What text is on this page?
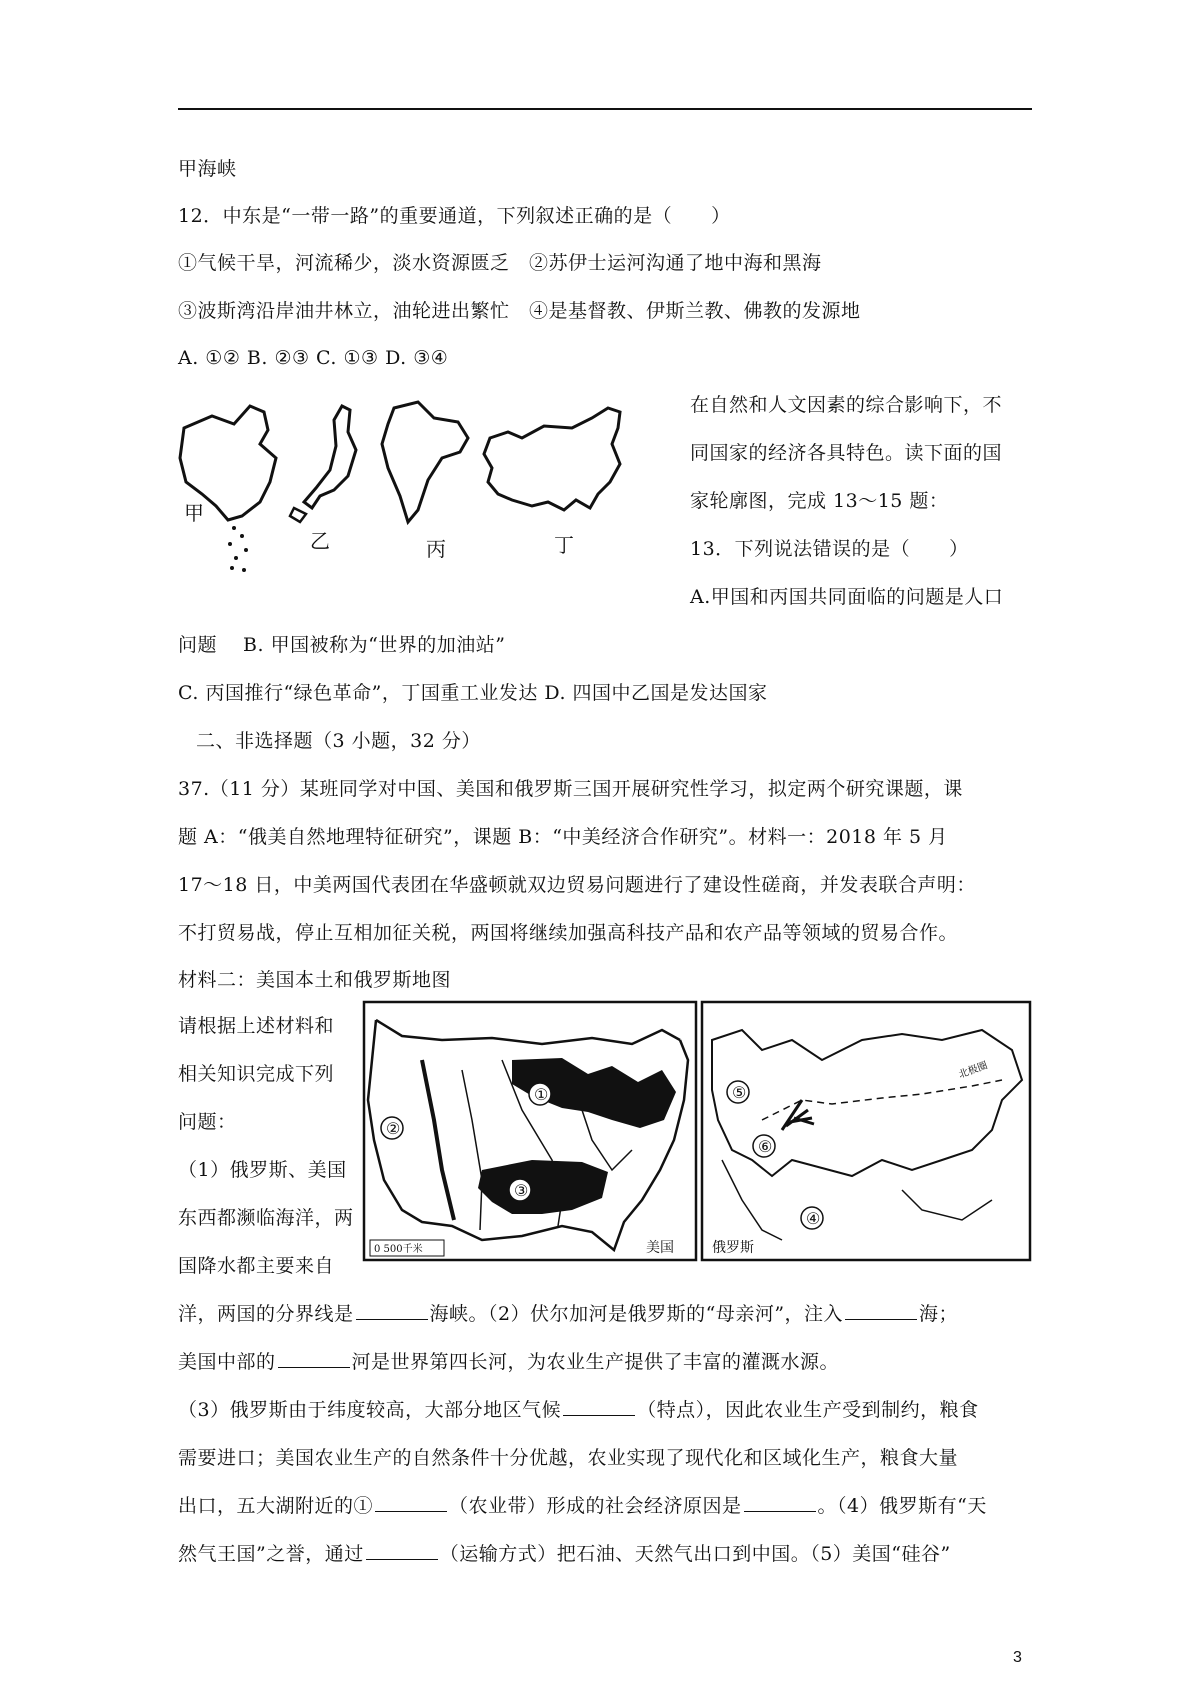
甲海峡
12．中东是“一带一路”的重要通道，下列叙述正确的是（　　）
①气候干旱，河流稀少，淡水资源匮乏　②苏伊士运河沟通了地中海和黑海
③波斯湾沿岸油井林立，油轮进出繁忙　④是基督教、伊斯兰教、佛教的发源地
A. ①② B. ②③ C. ①③ D. ③④
甲
乙	丙	丁
在自然和人文因素的综合影响下，不
同国家的经济各具特色。读下面的国
家轮廓图，完成 13～15 题：
13．下列说法错误的是（　　）
A.甲国和丙国共同面临的问题是人口
问题　 B. 甲国被称为“世界的加油站”
C. 丙国推行“绿色革命”，丁国重工业发达 D. 四国中乙国是发达国家
二、非选择题（3 小题，32 分）
37.（11 分）某班同学对中国、美国和俄罗斯三国开展研究性学习，拟定两个研究课题，课
题 A：“俄美自然地理特征研究”，课题 B：“中美经济合作研究”。材料一：2018 年 5 月
17～18 日，中美两国代表团在华盛顿就双边贸易问题进行了建设性磋商，并发表联合声明：
不打贸易战，停止互相加征关税，两国将继续加强高科技产品和农产品等领域的贸易合作。
材料二：美国本土和俄罗斯地图
请根据上述材料和
相关知识完成下列
问题：
（1）俄罗斯、美国
东西都濒临海洋，两
国降水都主要来自
①
②
③
0 500千米	美国
北极圈
⑤
⑥
④
俄罗斯
洋，两国的分界线是	海峡。（2）伏尔加河是俄罗斯的“母亲河”，注入	海；
美国中部的	河是世界第四长河，为农业生产提供了丰富的灌溉水源。
（3）俄罗斯由于纬度较高，大部分地区气候	（特点），因此农业生产受到制约，粮食
需要进口；美国农业生产的自然条件十分优越，农业实现了现代化和区域化生产，粮食大量
出口，五大湖附近的①	（农业带）形成的社会经济原因是	。（4）俄罗斯有“天
然气王国”之誉，通过	（运输方式）把石油、天然气出口到中国。（5）美国“硅谷”
3
